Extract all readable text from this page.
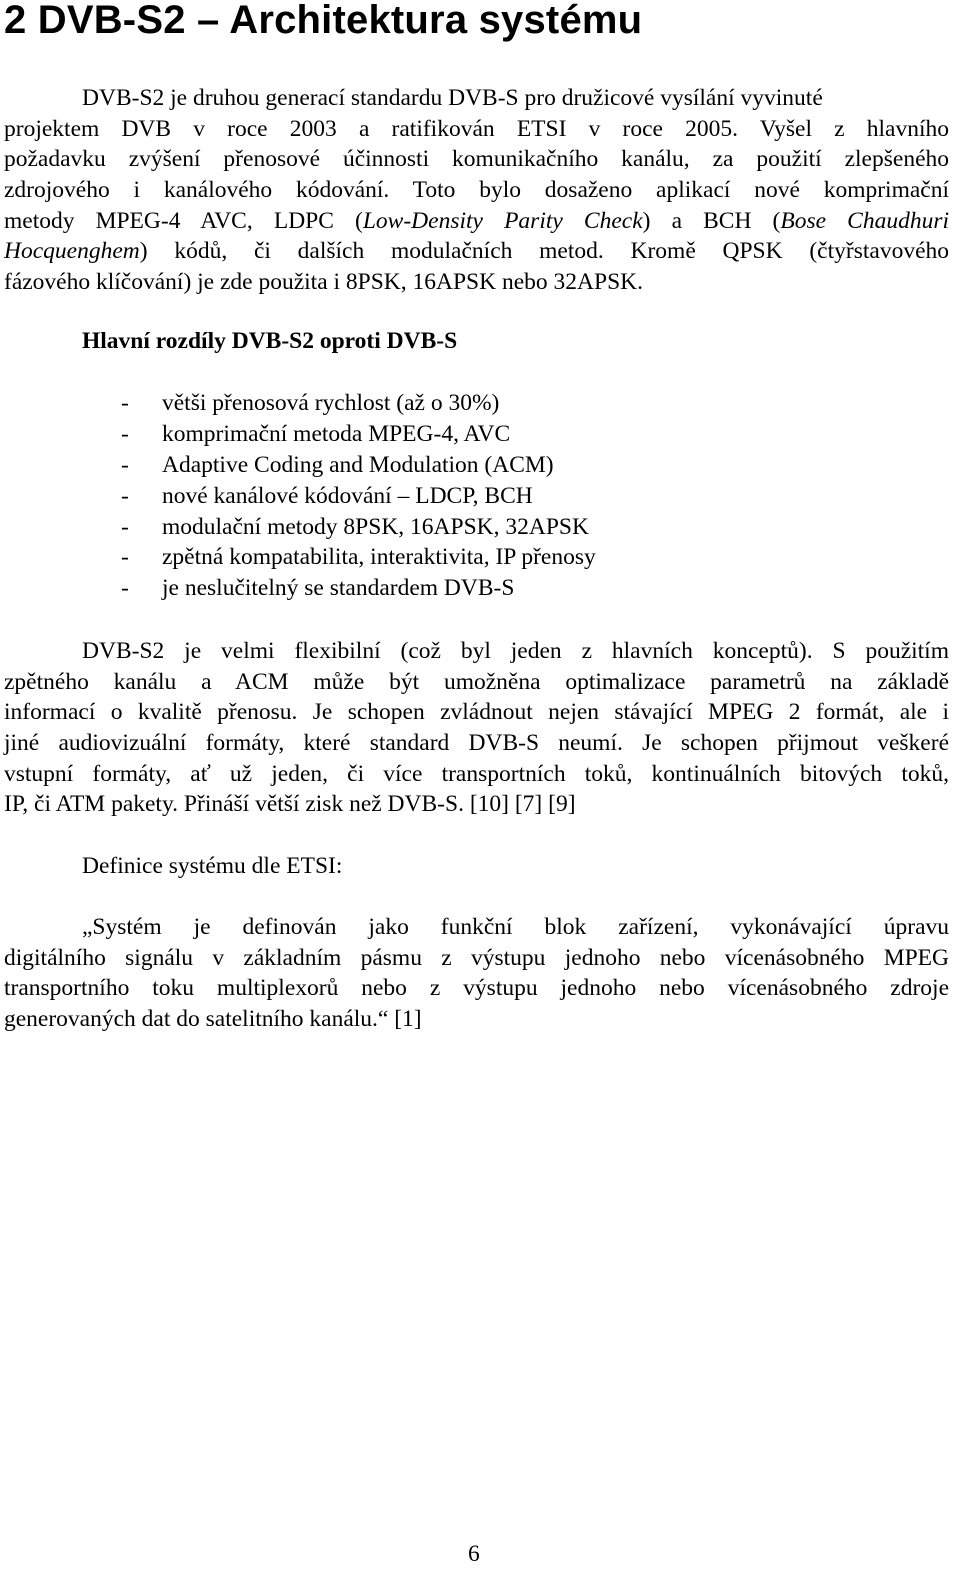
2 DVB-S2 – Architektura systému
DVB-S2 je druhou generací standardu DVB-S pro družicové vysílání vyvinuté
projektem DVB v roce 2003 a ratifikován ETSI v roce 2005. Vyšel z hlavního
požadavku zvýšení přenosové účinnosti komunikačního kanálu, za použití zlepšeného
zdrojového i kanálového kódování. Toto bylo dosaženo aplikací nové komprimační
metody MPEG-4 AVC, LDPC (Low-Density Parity Check) a BCH (Bose Chaudhuri
Hocquenghem) kódů, či dalších modulačních metod. Kromě QPSK (čtyřstavového
fázového klíčování) je zde použita i 8PSK, 16APSK nebo 32APSK.
Hlavní rozdíly DVB-S2 oproti DVB-S
- větši přenosová rychlost (až o 30%)
- komprimační metoda MPEG-4, AVC
- Adaptive Coding and Modulation (ACM)
- nové kanálové kódování – LDCP, BCH
- modulační metody 8PSK, 16APSK, 32APSK
- zpětná kompatabilita, interaktivita, IP přenosy
- je neslučitelný se standardem DVB-S
DVB-S2 je velmi flexibilní (což byl jeden z hlavních konceptů). S použitím
zpětného kanálu a ACM může být umožněna optimalizace parametrů na základě
informací o kvalitě přenosu. Je schopen zvládnout nejen stávající MPEG 2 formát, ale i
jiné audiovizuální formáty, které standard DVB-S neumí. Je schopen přijmout veškeré
vstupní formáty, ať už jeden, či více transportních toků, kontinuálních bitových toků,
IP, či ATM pakety. Přináší větší zisk než DVB-S. [10] [7] [9]

Definice systému dle ETSI:

„Systém je definován jako funkční blok zařízení, vykonávající úpravu
digitálního signálu v základním pásmu z výstupu jednoho nebo vícenásobného MPEG
transportního toku multiplexorů nebo z výstupu jednoho nebo vícenásobného zdroje
generovaných dat do satelitního kanálu.“ [1]
6
